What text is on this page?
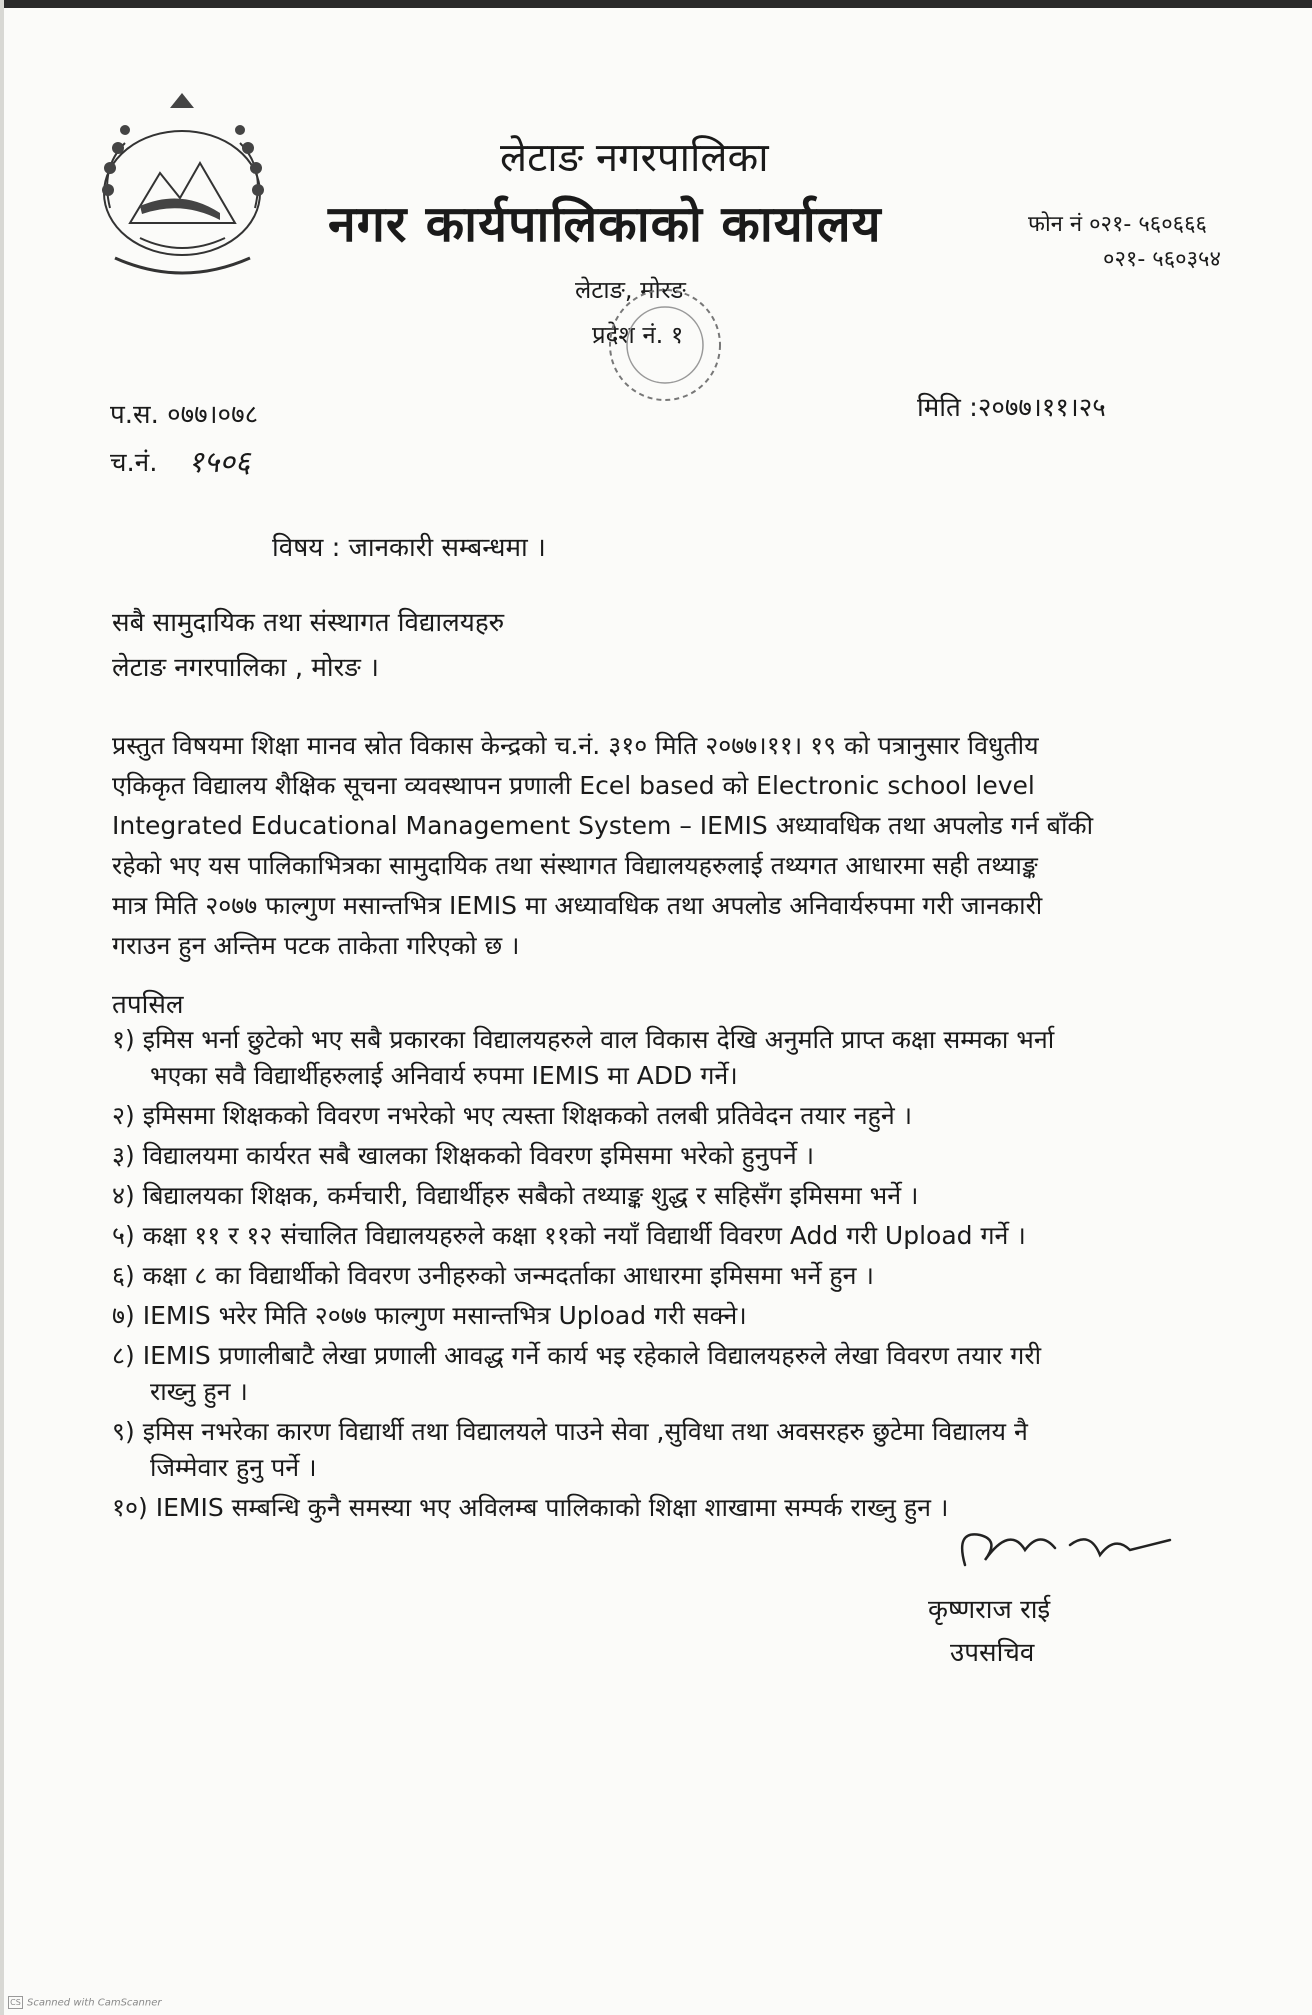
लेटाङ नगरपालिका
नगर कार्यपालिकाको कार्यालय	फोन नं ०२१- ५६०६६६
०२१- ५६०३५४
लेटाङ, मोरङ
प्रदेश नं. १
प.स. ०७७।०७८
च.नं. १५०६
मिति :२०७७।११।२५
विषय : जानकारी सम्बन्धमा ।
सबै सामुदायिक तथा संस्थागत विद्यालयहरु
लेटाङ नगरपालिका , मोरङ ।
प्रस्तुत विषयमा शिक्षा मानव स्रोत विकास केन्द्रको च.नं. ३१० मिति २०७७।११। १९ को पत्रानुसार विधुतीय
एकिकृत विद्यालय शैक्षिक सूचना व्यवस्थापन प्रणाली Ecel based को Electronic school level
Integrated Educational Management System – IEMIS अध्यावधिक तथा अपलोड गर्न बाँकी
रहेको भए यस पालिकाभित्रका सामुदायिक तथा संस्थागत विद्यालयहरुलाई तथ्यगत आधारमा सही तथ्याङ्क
मात्र मिति २०७७ फाल्गुण मसान्तभित्र IEMIS मा अध्यावधिक तथा अपलोड अनिवार्यरुपमा गरी जानकारी
गराउन हुन अन्तिम पटक ताकेता गरिएको छ ।
तपसिल
१) इमिस भर्ना छुटेको भए सबै प्रकारका विद्यालयहरुले वाल विकास देखि अनुमति प्राप्त कक्षा सम्मका भर्ना
भएका सवै विद्यार्थीहरुलाई अनिवार्य रुपमा IEMIS मा ADD गर्ने।
२) इमिसमा शिक्षकको विवरण नभरेको भए त्यस्ता शिक्षकको तलबी प्रतिवेदन तयार नहुने ।
३) विद्यालयमा कार्यरत सबै खालका शिक्षकको विवरण इमिसमा भरेको हुनुपर्ने ।
४) बिद्यालयका शिक्षक, कर्मचारी, विद्यार्थीहरु सबैको तथ्याङ्क शुद्ध र सहिसँग इमिसमा भर्ने ।
५) कक्षा ११ र १२ संचालित विद्यालयहरुले कक्षा ११को नयाँ विद्यार्थी विवरण Add गरी Upload गर्ने ।
६) कक्षा ८ का विद्यार्थीको विवरण उनीहरुको जन्मदर्ताका आधारमा इमिसमा भर्ने हुन ।
७) IEMIS भरेर मिति २०७७ फाल्गुण मसान्तभित्र Upload गरी सक्ने।
८) IEMIS प्रणालीबाटै लेखा प्रणाली आवद्ध गर्ने कार्य भइ रहेकाले विद्यालयहरुले लेखा विवरण तयार गरी
राख्नु हुन ।
९) इमिस नभरेका कारण विद्यार्थी तथा विद्यालयले पाउने सेवा ,सुविधा तथा अवसरहरु छुटेमा विद्यालय नै
जिम्मेवार हुनु पर्ने ।
१०) IEMIS सम्बन्धि कुनै समस्या भए अविलम्ब पालिकाको शिक्षा शाखामा सम्पर्क राख्नु हुन ।
कृष्णराज राई
उपसचिव
CS Scanned with CamScanner
